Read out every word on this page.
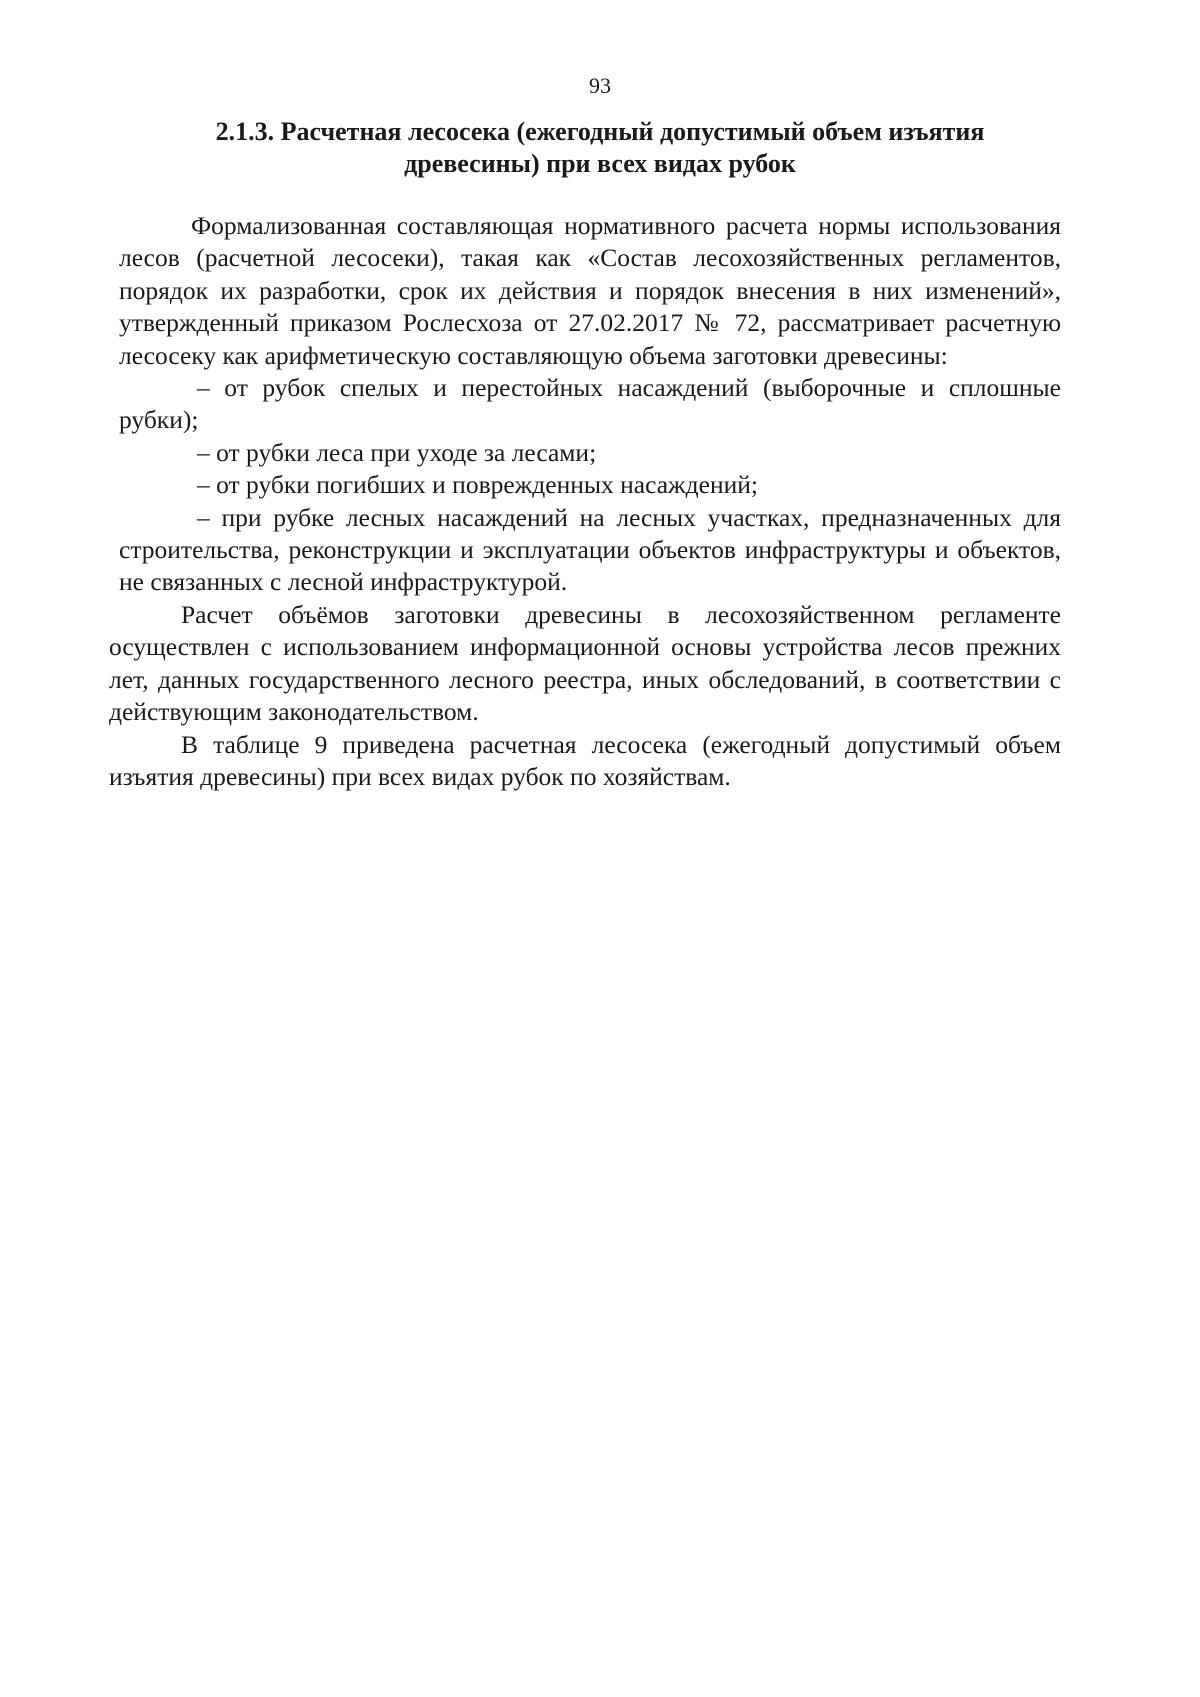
93
2.1.3. Расчетная лесосека (ежегодный допустимый объем изъятия
древесины) при всех видах рубок

Формализованная составляющая нормативного расчета нормы использования лесов (расчетной лесосеки), такая как «Состав лесохозяйственных регламентов, порядок их разработки, срок их действия и порядок внесения в них изменений», утвержденный приказом Рослесхоза от 27.02.2017 № 72, рассматривает расчетную лесосеку как арифметическую составляющую объема заготовки древесины:

– от рубок спелых и перестойных насаждений (выборочные и сплошные рубки);

– от рубки леса при уходе за лесами;

– от рубки погибших и поврежденных насаждений;

– при рубке лесных насаждений на лесных участках, предназначенных для строительства, реконструкции и эксплуатации объектов инфраструктуры и объектов, не связанных с лесной инфраструктурой.

Расчет объёмов заготовки древесины в лесохозяйственном регламенте осуществлен с использованием информационной основы устройства лесов прежних лет, данных государственного лесного реестра, иных обследований, в соответствии с действующим законодательством.

В таблице 9 приведена расчетная лесосека (ежегодный допустимый объем изъятия древесины) при всех видах рубок по хозяйствам.
